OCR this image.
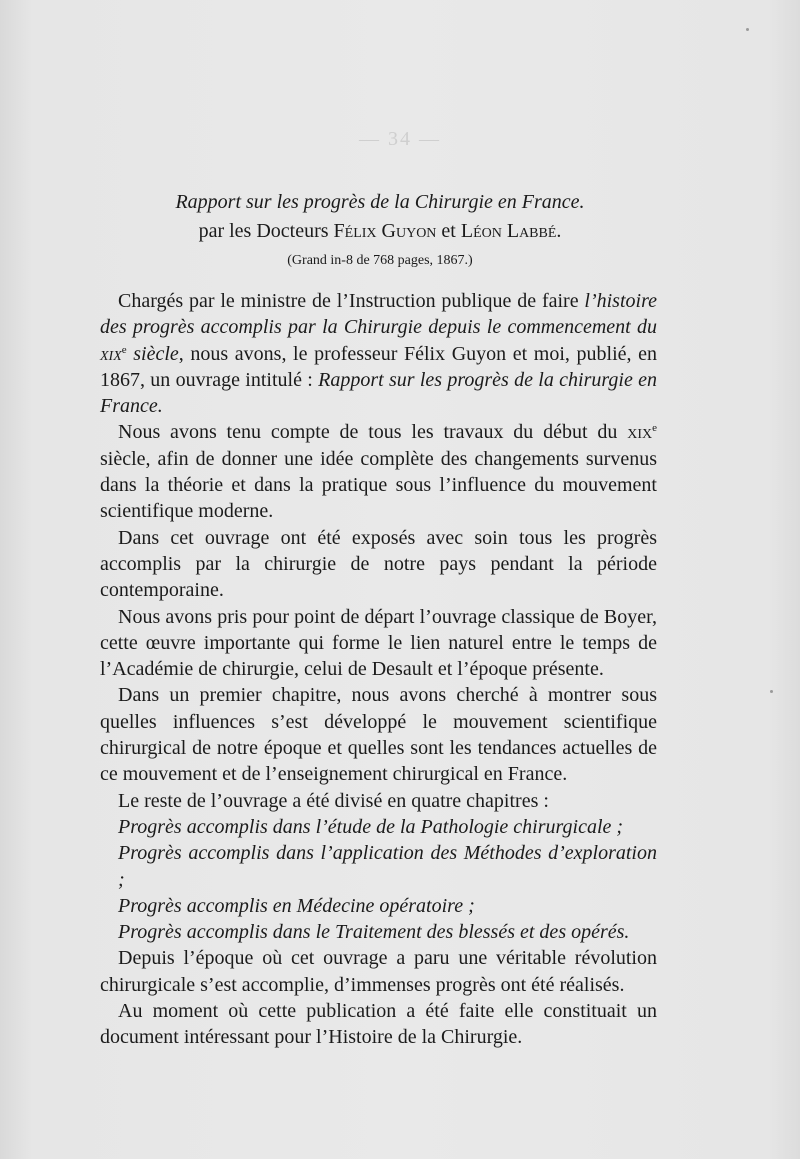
— 34 —

Rapport sur les progrès de la Chirurgie en France.

par les Docteurs Félix Guyon et Léon Labbé.

(Grand in-8 de 768 pages, 1867.)

Chargés par le ministre de l’Instruction publique de faire l’histoire des progrès accomplis par la Chirurgie depuis le commencement du xix$^e$ siècle, nous avons, le professeur Félix Guyon et moi, publié, en 1867, un ouvrage intitulé : Rapport sur les progrès de la chirurgie en France.

Nous avons tenu compte de tous les travaux du début du xix$^e$ siècle, afin de donner une idée complète des changements survenus dans la théorie et dans la pratique sous l’influence du mouvement scientifique moderne.

Dans cet ouvrage ont été exposés avec soin tous les progrès accomplis par la chirurgie de notre pays pendant la période contemporaine.

Nous avons pris pour point de départ l’ouvrage classique de Boyer, cette œuvre importante qui forme le lien naturel entre le temps de l’Académie de chirurgie, celui de Desault et l’époque présente.

Dans un premier chapitre, nous avons cherché à montrer sous quelles influences s’est développé le mouvement scientifique chirurgical de notre époque et quelles sont les tendances actuelles de ce mouvement et de l’enseignement chirurgical en France.

Le reste de l’ouvrage a été divisé en quatre chapitres :

Progrès accomplis dans l’étude de la Pathologie chirurgicale ;
Progrès accomplis dans l’application des Méthodes d’exploration ;
Progrès accomplis en Médecine opératoire ;
Progrès accomplis dans le Traitement des blessés et des opérés.

Depuis l’époque où cet ouvrage a paru une véritable révolution chirurgicale s’est accomplie, d’immenses progrès ont été réalisés.

Au moment où cette publication a été faite elle constituait un document intéressant pour l’Histoire de la Chirurgie.
